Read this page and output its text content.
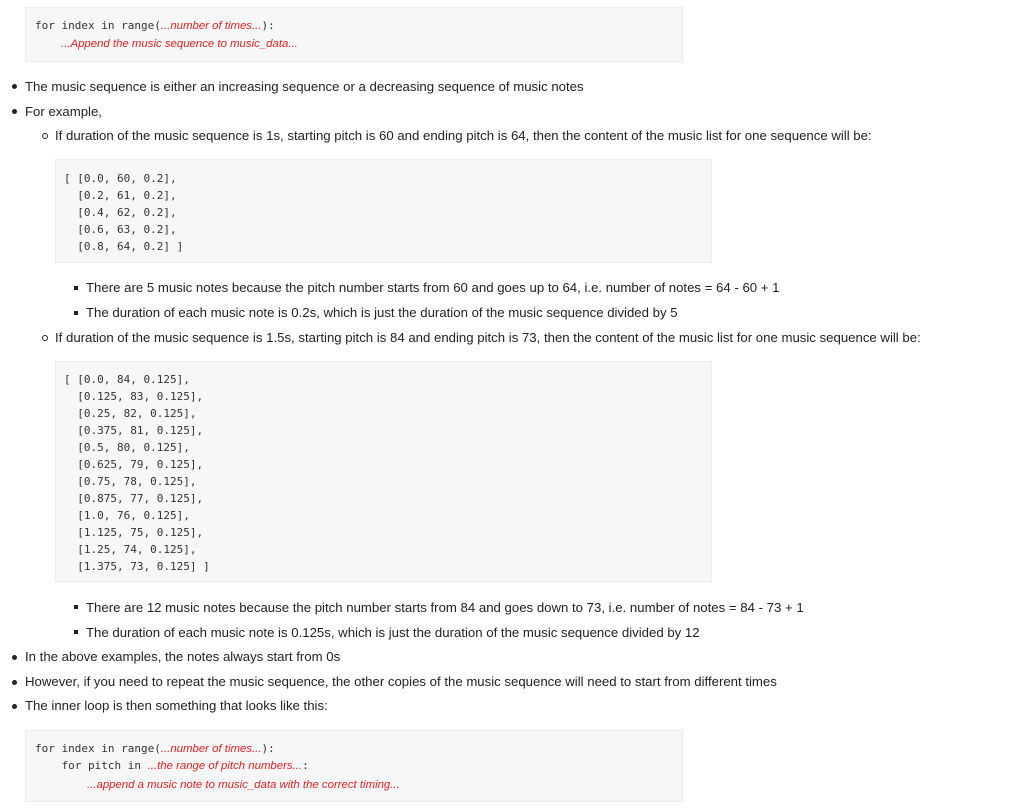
for index in range(...number of times...):
...Append the music sequence to music_data...
The music sequence is either an increasing sequence or a decreasing sequence of music notes
For example,
If duration of the music sequence is 1s, starting pitch is 60 and ending pitch is 64, then the content of the music list for one sequence will be:
[ [0.0, 60, 0.2],
[0.2, 61, 0.2],
[0.4, 62, 0.2],
[0.6, 63, 0.2],
[0.8, 64, 0.2] ]
There are 5 music notes because the pitch number starts from 60 and goes up to 64, i.e. number of notes = 64 - 60 + 1
The duration of each music note is 0.2s, which is just the duration of the music sequence divided by 5
If duration of the music sequence is 1.5s, starting pitch is 84 and ending pitch is 73, then the content of the music list for one music sequence will be:
[ [0.0, 84, 0.125],
[0.125, 83, 0.125],
[0.25, 82, 0.125],
[0.375, 81, 0.125],
[0.5, 80, 0.125],
[0.625, 79, 0.125],
[0.75, 78, 0.125],
[0.875, 77, 0.125],
[1.0, 76, 0.125],
[1.125, 75, 0.125],
[1.25, 74, 0.125],
[1.375, 73, 0.125] ]
There are 12 music notes because the pitch number starts from 84 and goes down to 73, i.e. number of notes = 84 - 73 + 1
The duration of each music note is 0.125s, which is just the duration of the music sequence divided by 12
In the above examples, the notes always start from 0s
However, if you need to repeat the music sequence, the other copies of the music sequence will need to start from different times
The inner loop is then something that looks like this:
for index in range(...number of times...):
for pitch in ...the range of pitch numbers...:
...append a music note to music_data with the correct timing...
